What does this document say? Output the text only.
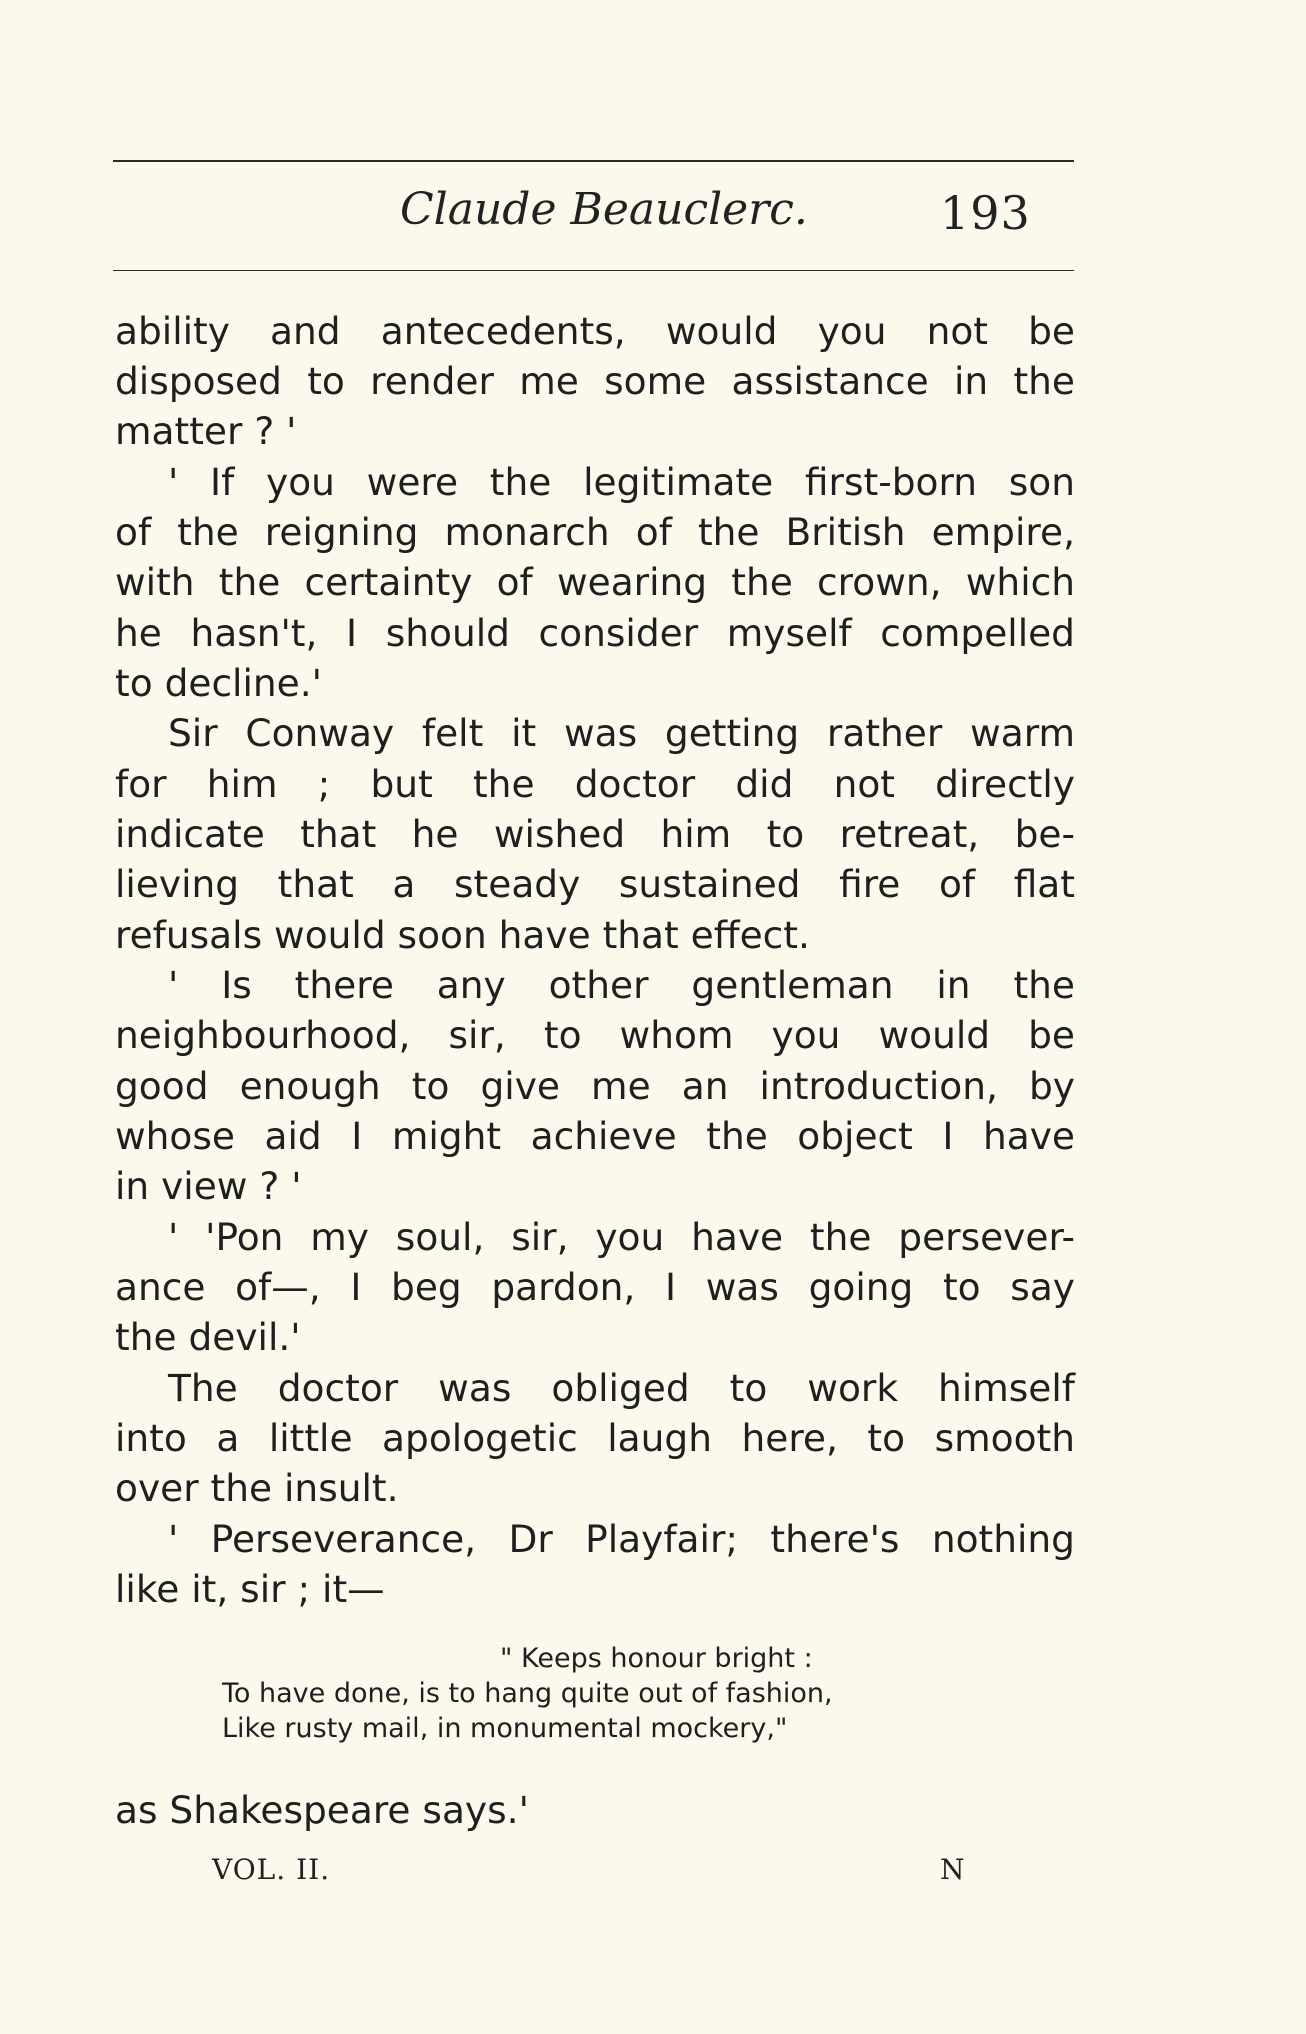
Claude Beauclerc.	193
ability and antecedents, would you not be
disposed to render me some assistance in the
matter ? '
' If you were the legitimate first-born son
of the reigning monarch of the British empire,
with the certainty of wearing the crown, which
he hasn't, I should consider myself compelled
to decline.'
Sir Conway felt it was getting rather warm
for him ; but the doctor did not directly
indicate that he wished him to retreat, be-
lieving that a steady sustained fire of flat
refusals would soon have that effect.
' Is there any other gentleman in the
neighbourhood, sir, to whom you would be
good enough to give me an introduction, by
whose aid I might achieve the object I have
in view ? '
' 'Pon my soul, sir, you have the persever-
ance of—, I beg pardon, I was going to say
the devil.'
The doctor was obliged to work himself
into a little apologetic laugh here, to smooth
over the insult.
' Perseverance, Dr Playfair; there's nothing
like it, sir ; it—
" Keeps honour bright :
To have done, is to hang quite out of fashion,
Like rusty mail, in monumental mockery,"
as Shakespeare says.'
VOL. II.	N
